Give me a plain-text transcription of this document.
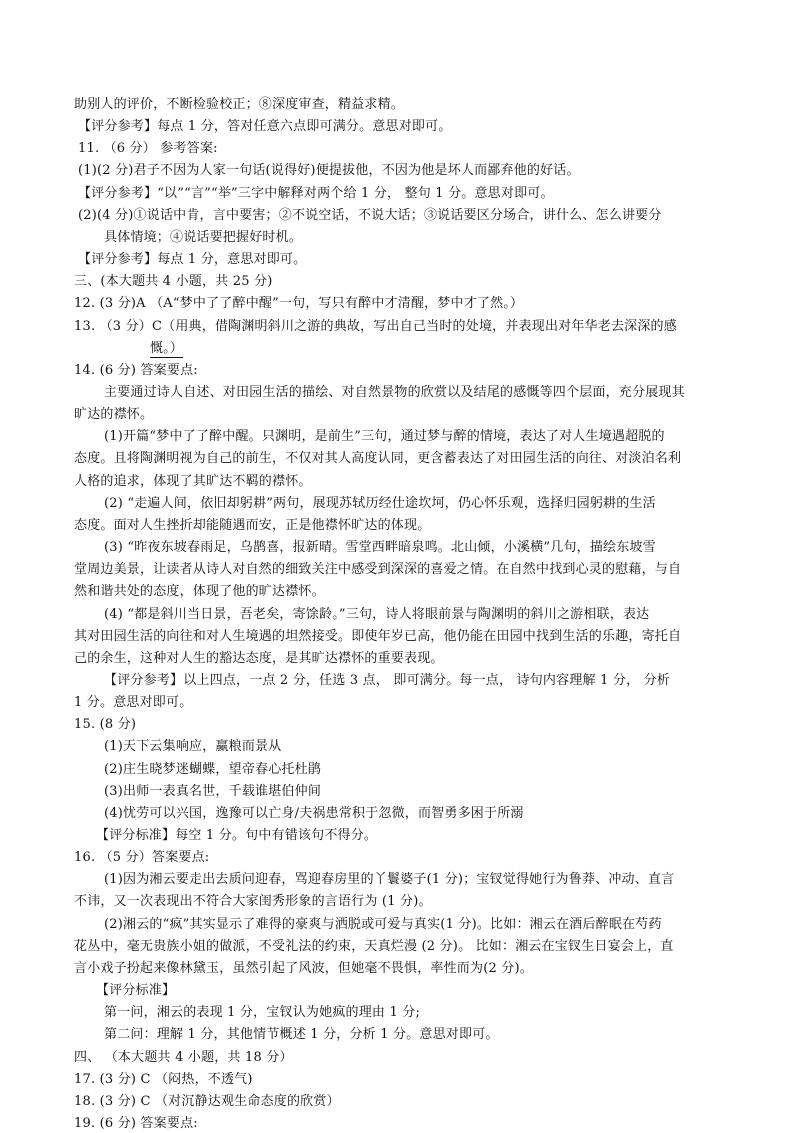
助别人的评价，不断检验校正；⑧深度审查，精益求精。
【评分参考】每点 1 分，答对任意六点即可满分。意思对即可。
11. （6 分） 参考答案:
(1)(2 分)君子不因为人家一句话(说得好)便提拔他，不因为他是坏人而鄙弃他的好话。
【评分参考】“以”“言”“举”三字中解释对两个给 1 分， 整句 1 分。意思对即可。
(2)(4 分)①说话中肯，言中要害；②不说空话，不说大话；③说话要区分场合，讲什么、怎么讲要分
具体情境；④说话要把握好时机。
【评分参考】每点 1 分，意思对即可。
三、(本大题共 4 小题，共 25 分)
12. (3 分)A （A“梦中了了醉中醒”一句，写只有醉中才清醒，梦中才了然。）
13. （3 分）C（用典，借陶渊明斜川之游的典故，写出自己当时的处境，并表现出对年华老去深深的感
慨。）
14. (6 分) 答案要点:
主要通过诗人自述、对田园生活的描绘、对自然景物的欣赏以及结尾的感慨等四个层面，充分展现其
旷达的襟怀。
(1)开篇“梦中了了醉中醒。只渊明，是前生”三句，通过梦与醉的情境，表达了对人生境遇超脱的
态度。且将陶渊明视为自己的前生，不仅对其人高度认同，更含蓄表达了对田园生活的向往、对淡泊名利
人格的追求，体现了其旷达不羁的襟怀。
(2) “走遍人间，依旧却躬耕”两句，展现苏轼历经仕途坎坷，仍心怀乐观，选择归园躬耕的生活
态度。面对人生挫折却能随遇而安，正是他襟怀旷达的体现。
(3) “昨夜东坡春雨足，乌鹊喜，报新晴。雪堂西畔暗泉鸣。北山倾，小溪横”几句，描绘东坡雪
堂周边美景，让读者从诗人对自然的细致关注中感受到深深的喜爱之情。在自然中找到心灵的慰藉，与自
然和谐共处的态度，体现了他的旷达襟怀。
(4) “都是斜川当日景，吾老矣，寄馀龄。”三句，诗人将眼前景与陶渊明的斜川之游相联，表达
其对田园生活的向往和对人生境遇的坦然接受。即使年岁已高，他仍能在田园中找到生活的乐趣，寄托自
己的余生，这种对人生的豁达态度，是其旷达襟怀的重要表现。
【评分参考】以上四点，一点 2 分，任选 3 点， 即可满分。每一点， 诗句内容理解 1 分， 分析
1 分。意思对即可。
15. (8 分)
(1)天下云集响应，赢粮而景从
(2)庄生晓梦迷蝴蝶，望帝春心托杜鹃
(3)出师一表真名世，千载谁堪伯仲间
(4)忧劳可以兴国，逸豫可以亡身/夫祸患常积于忽微，而智勇多困于所溺
【评分标准】每空 1 分。句中有错该句不得分。
16. （5 分）答案要点:
(1)因为湘云要走出去质问迎春，骂迎春房里的丫鬟婆子(1 分)；宝钗觉得她行为鲁莽、冲动、直言
不讳，又一次表现出不符合大家闺秀形象的言语行为 (1 分)。
(2)湘云的“疯”其实显示了难得的豪爽与洒脱或可爱与真实(1 分)。比如：湘云在酒后醉眠在芍药
花丛中，毫无贵族小姐的做派，不受礼法的约束，天真烂漫 (2 分)。 比如：湘云在宝钗生日宴会上，直
言小戏子扮起来像林黛玉，虽然引起了风波，但她毫不畏惧，率性而为(2 分)。
【评分标准】
第一问，湘云的表现 1 分，宝钗认为她疯的理由 1 分;
第二问：理解 1 分，其他情节概述 1 分，分析 1 分。意思对即可。
四、 （本大题共 4 小题，共 18 分）
17. (3 分) C （闷热，不透气)
18. (3 分) C （对沉静达观生命态度的欣赏）
19. (6 分) 答案要点:
